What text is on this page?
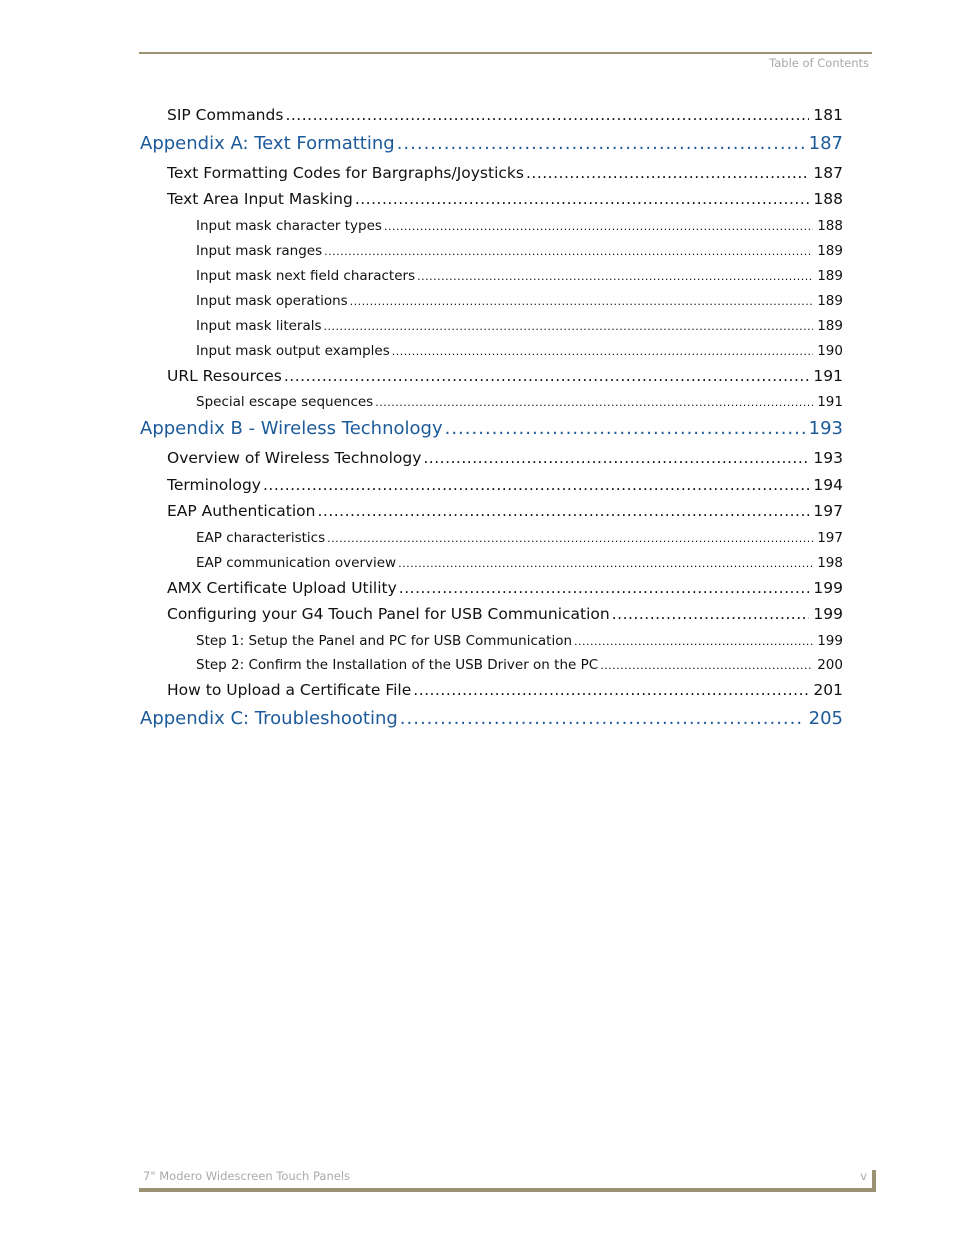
Table of Contents
SIP Commands .....	181
Appendix A: Text Formatting .....	187
Text Formatting Codes for Bargraphs/Joysticks .....	187
Text Area Input Masking .....	188
Input mask character types .....	188
Input mask ranges .....	189
Input mask next field characters .....	189
Input mask operations .....	189
Input mask literals .....	189
Input mask output examples .....	190
URL Resources .....	191
Special escape sequences .....	191
Appendix B - Wireless Technology .....	193
Overview of Wireless Technology .....	193
Terminology .....	194
EAP Authentication .....	197
EAP characteristics .....	197
EAP communication overview .....	198
AMX Certificate Upload Utility .....	199
Configuring your G4 Touch Panel for USB Communication .....	199
Step 1: Setup the Panel and PC for USB Communication .....	199
Step 2: Confirm the Installation of the USB Driver on the PC .....	200
How to Upload a Certificate File .....	201
Appendix C: Troubleshooting .....	205
7" Modero Widescreen Touch Panels	v
